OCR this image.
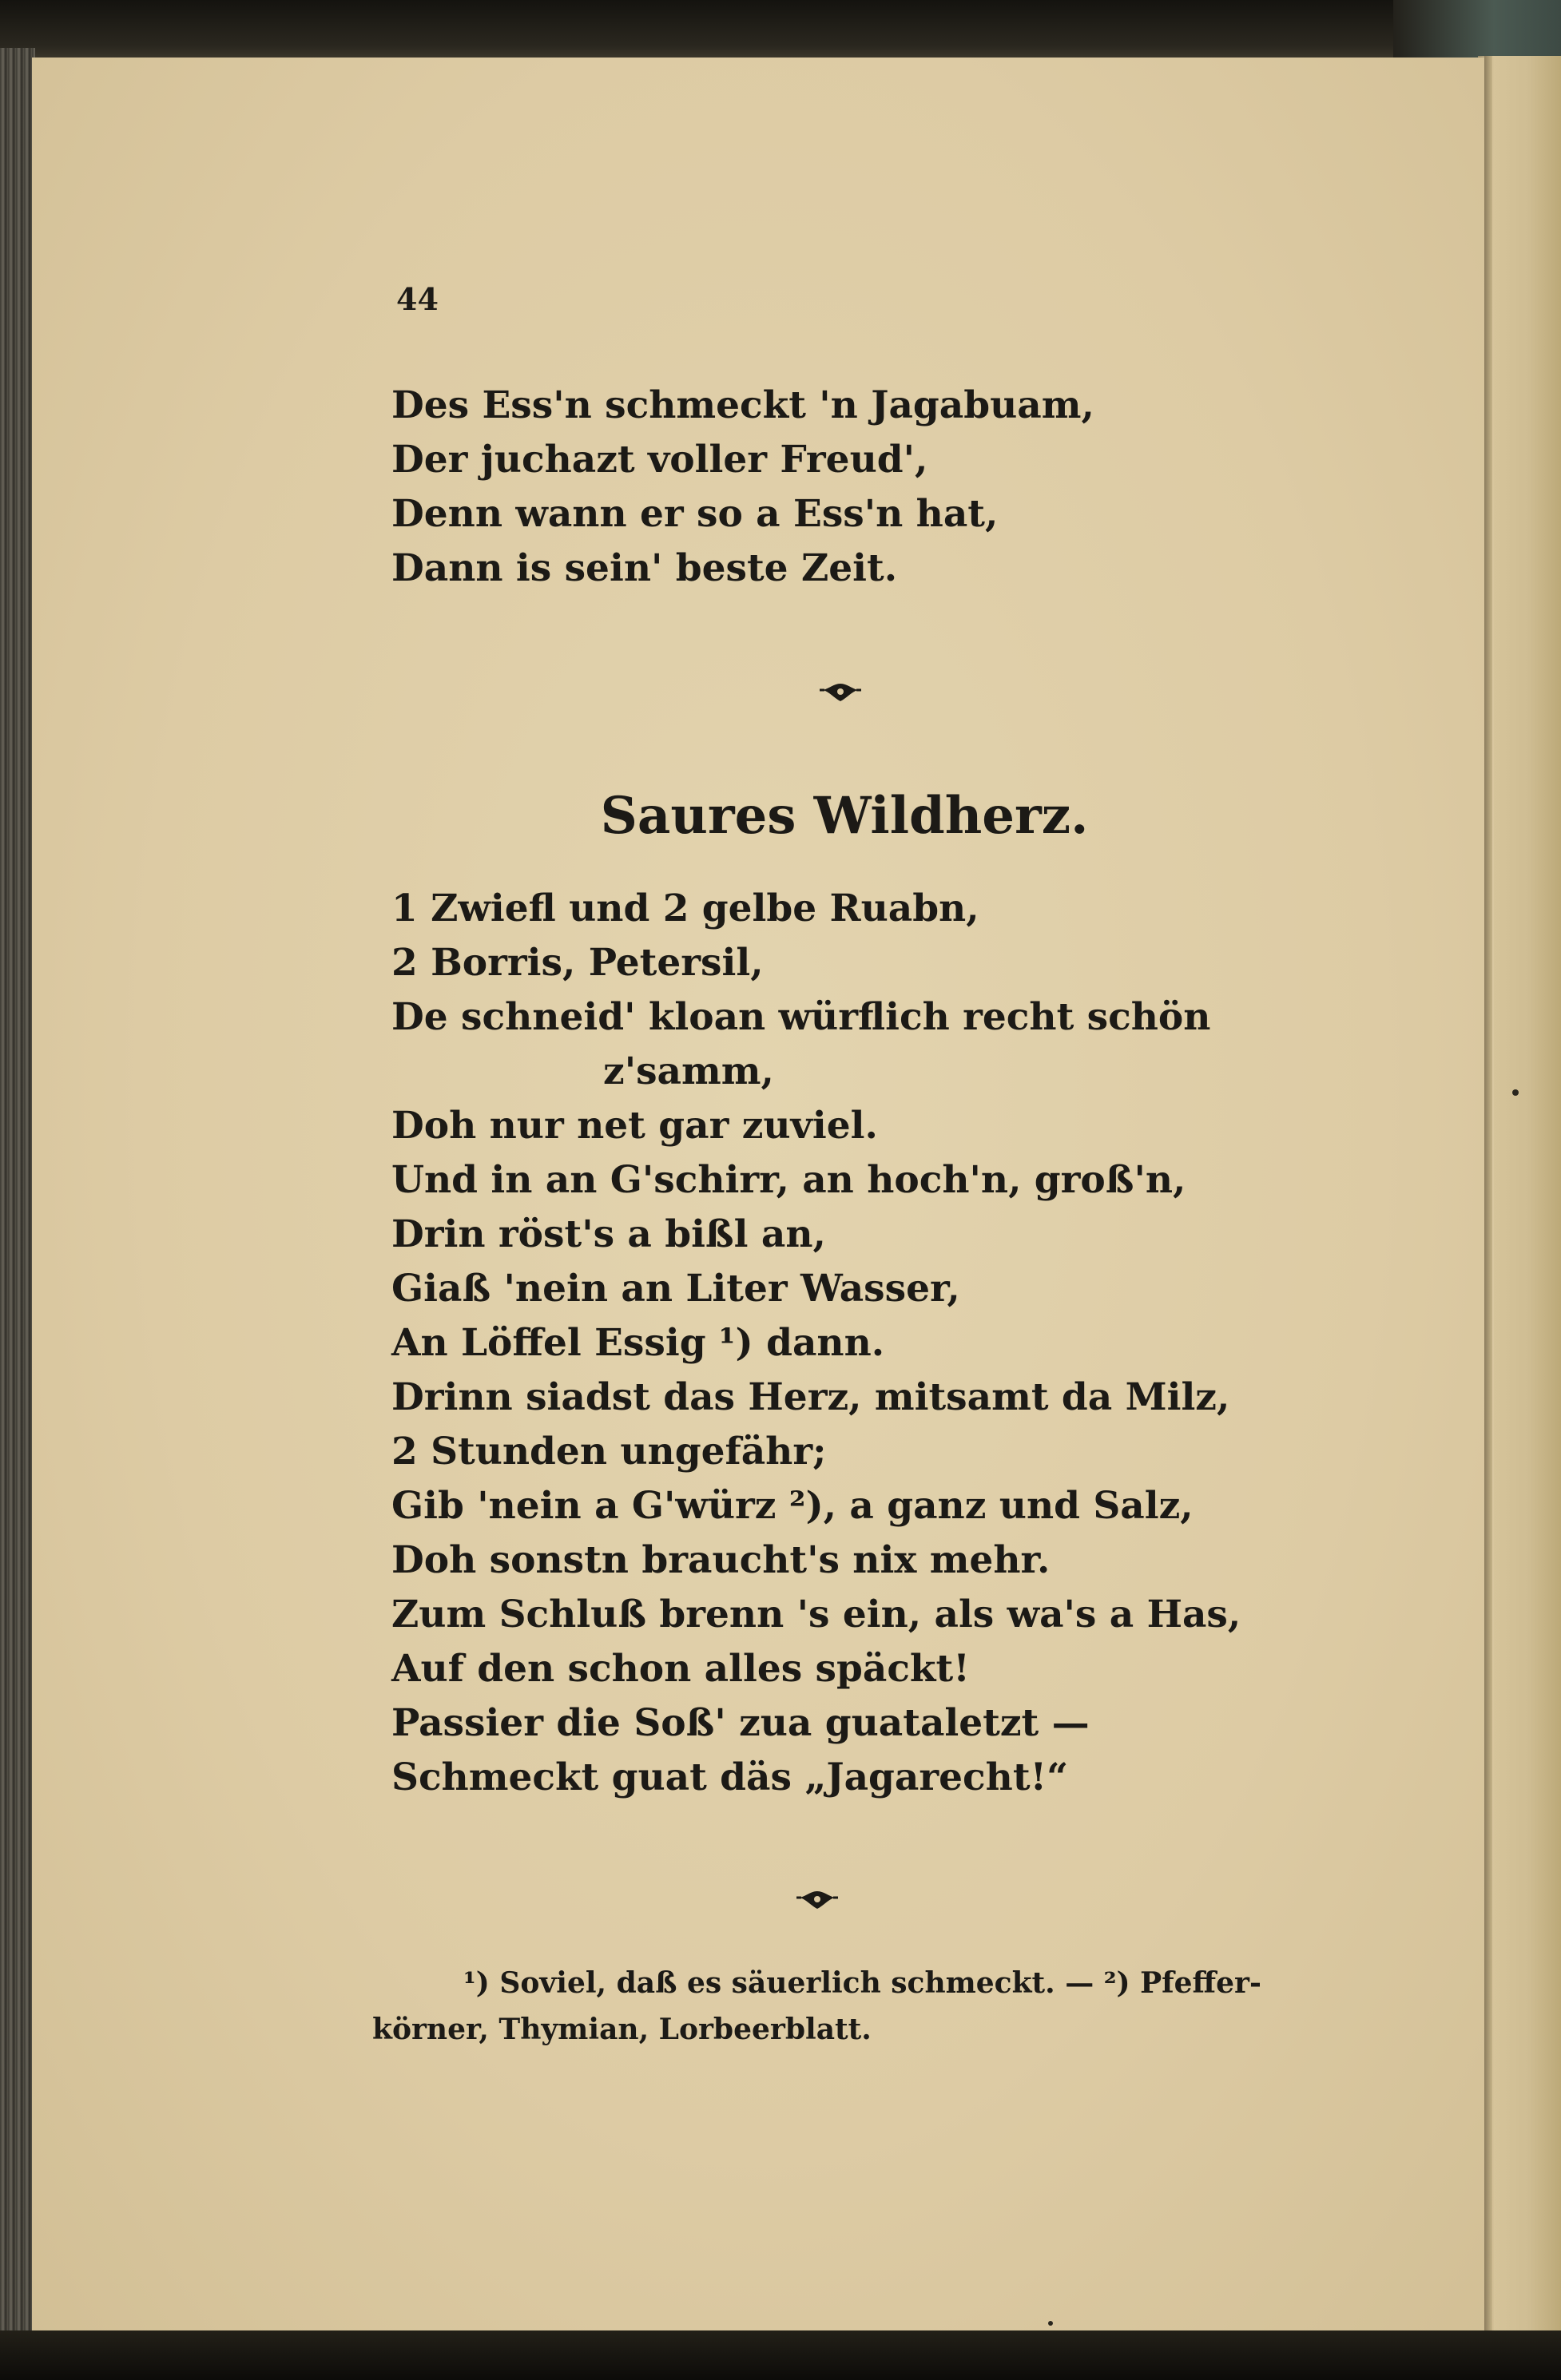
44
Des Ess'n schmeckt 'n Jagabuam,
Der juchazt voller Freud',
Denn wann er so a Ess'n hat,
Dann is sein' beste Zeit.
Saures Wildherz.
1 Zwiefl und 2 gelbe Ruabn,
2 Borris, Petersil,
De schneid' kloan würflich recht schön
z'samm,
Doh nur net gar zuviel.
Und in an G'schirr, an hoch'n, groß'n,
Drin röst's a bißl an,
Giaß 'nein an Liter Wasser,
An Löffel Essig ¹) dann.
Drinn siadst das Herz, mitsamt da Milz,
2 Stunden ungefähr;
Gib 'nein a G'würz ²), a ganz und Salz,
Doh sonstn braucht's nix mehr.
Zum Schluß brenn 's ein, als wa's a Has,
Auf den schon alles späckt!
Passier die Soß' zua guataletzt —
Schmeckt guat däs „Jagarecht!“
¹) Soviel, daß es säuerlich schmeckt. — ²) Pfeffer-
körner, Thymian, Lorbeerblatt.
